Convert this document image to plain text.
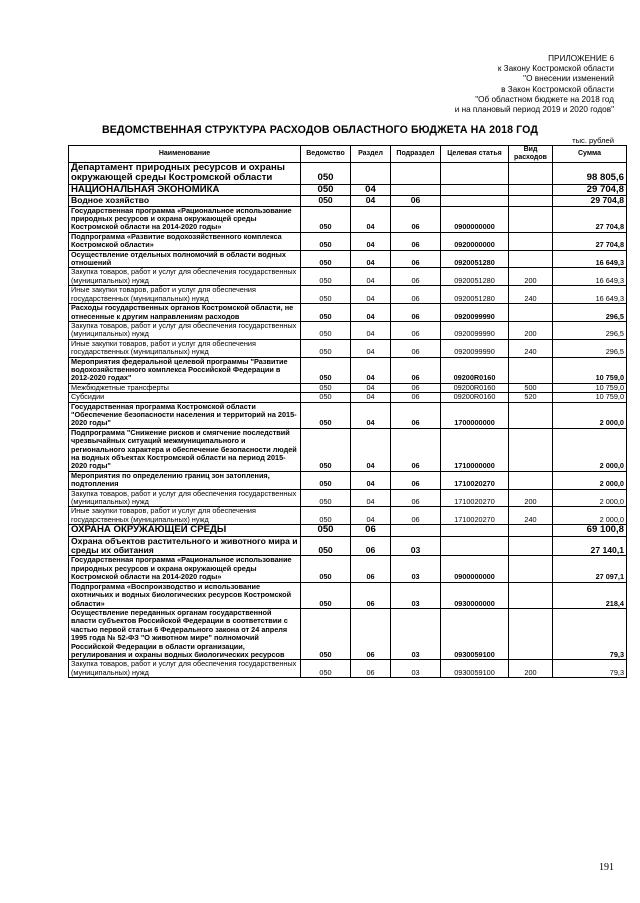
ПРИЛОЖЕНИЕ 6
к Закону Костромской области
"О внесении изменений
в Закон Костромской области
"Об областном бюджете на 2018 год
и на плановый период 2019 и 2020 годов"
ВЕДОМСТВЕННАЯ СТРУКТУРА РАСХОДОВ ОБЛАСТНОГО БЮДЖЕТА НА 2018 ГОД
тыс. рублей
Наименование	Ведомство	Раздел	Подраздел	Целевая статья	Вид расходов	Сумма
Департамент природных ресурсов и охраны окружающей среды Костромской области	050					98 805,6
НАЦИОНАЛЬНАЯ ЭКОНОМИКА	050	04				29 704,8
Водное хозяйство	050	04	06			29 704,8
Государственная программа «Рациональное использование природных ресурсов и охрана окружающей среды Костромской области на 2014-2020 годы»	050	04	06	0900000000		27 704,8
Подпрограмма «Развитие водохозяйственного комплекса Костромской области»	050	04	06	0920000000		27 704,8
Осуществление отдельных полномочий в области водных отношений	050	04	06	0920051280		16 649,3
Закупка товаров, работ и услуг для обеспечения государственных (муниципальных) нужд	050	04	06	0920051280	200	16 649,3
Иные закупки товаров, работ и услуг для обеспечения государственных (муниципальных) нужд	050	04	06	0920051280	240	16 649,3
Расходы государственных органов Костромской области, не отнесенные к другим направлениям расходов	050	04	06	0920099990		296,5
Закупка товаров, работ и услуг для обеспечения государственных (муниципальных) нужд	050	04	06	0920099990	200	296,5
Иные закупки товаров, работ и услуг для обеспечения государственных (муниципальных) нужд	050	04	06	0920099990	240	296,5
Мероприятия федеральной целевой программы "Развитие водохозяйственного комплекса Российской Федерации в 2012-2020 годах"	050	04	06	09200R0160		10 759,0
Межбюджетные трансферты	050	04	06	09200R0160	500	10 759,0
Субсидии	050	04	06	09200R0160	520	10 759,0
Государственная программа Костромской области "Обеспечение безопасности населения и территорий на 2015-2020 годы"	050	04	06	1700000000		2 000,0
Подпрограмма "Снижение рисков и смягчение последствий чрезвычайных ситуаций межмуниципального и регионального характера и обеспечение безопасности людей на водных объектах Костромской области на период 2015-2020 годы"	050	04	06	1710000000		2 000,0
Мероприятия по определению границ зон затопления, подтопления	050	04	06	1710020270		2 000,0
Закупка товаров, работ и услуг для обеспечения государственных (муниципальных) нужд	050	04	06	1710020270	200	2 000,0
Иные закупки товаров, работ и услуг для обеспечения государственных (муниципальных) нужд	050	04	06	1710020270	240	2 000,0
ОХРАНА ОКРУЖАЮЩЕЙ СРЕДЫ	050	06				69 100,8
Охрана объектов растительного и животного мира и среды их обитания	050	06	03			27 140,1
Государственная программа «Рациональное использование природных ресурсов и охрана окружающей среды Костромской области на 2014-2020 годы»	050	06	03	0900000000		27 097,1
Подпрограмма «Воспроизводство и использование охотничьих и водных биологических ресурсов Костромской области»	050	06	03	0930000000		218,4
Осуществление переданных органам государственной власти субъектов Российской Федерации в соответствии с частью первой статьи 6 Федерального закона от 24 апреля 1995 года № 52-ФЗ "О животном мире" полномочий Российской Федерации в области организации, регулирования и охраны водных биологических ресурсов	050	06	03	0930059100		79,3
Закупка товаров, работ и услуг для обеспечения государственных (муниципальных) нужд	050	06	03	0930059100	200	79,3
191
